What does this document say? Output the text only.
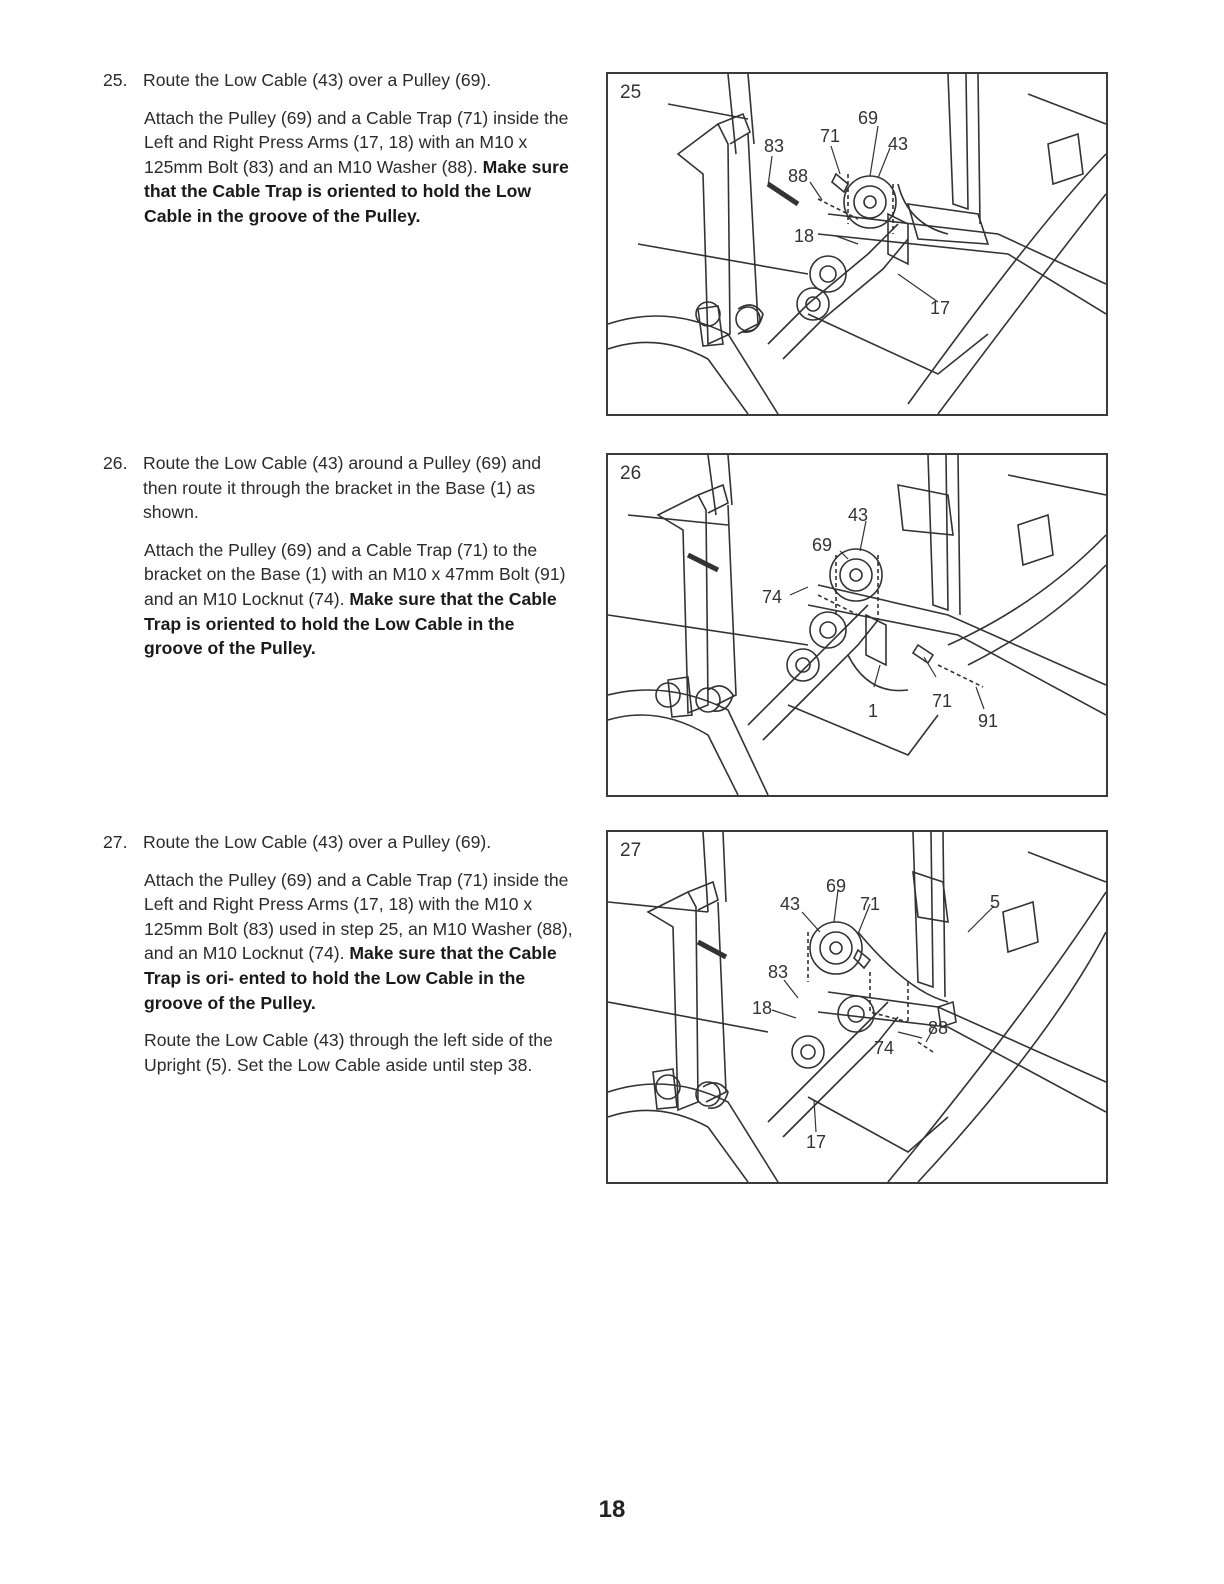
25. Route the Low Cable (43) over a Pulley (69).

Attach the Pulley (69) and a Cable Trap (71) inside the Left and Right Press Arms (17, 18) with an M10 x 125mm Bolt (83) and an M10 Washer (88). Make sure that the Cable Trap is oriented to hold the Low Cable in the groove of the Pulley.

26. Route the Low Cable (43) around a Pulley (69) and then route it through the bracket in the Base (1) as shown.

Attach the Pulley (69) and a Cable Trap (71) to the bracket on the Base (1) with an M10 x 47mm Bolt (91) and an M10 Locknut (74). Make sure that the Cable Trap is oriented to hold the Low Cable in the groove of the Pulley.

27. Route the Low Cable (43) over a Pulley (69).

Attach the Pulley (69) and a Cable Trap (71) inside the Left and Right Press Arms (17, 18) with the M10 x 125mm Bolt (83) used in step 25, an M10 Washer (88), and an M10 Locknut (74). Make sure that the Cable Trap is ori- ented to hold the Low Cable in the groove of the Pulley.

Route the Low Cable (43) through the left side of the Upright (5). Set the Low Cable aside until step 38.

25
69
83 71	43
88
18
17
26
43
69
74
1	71
91
27
69
43	71	5
83
18
88
74
17
18
